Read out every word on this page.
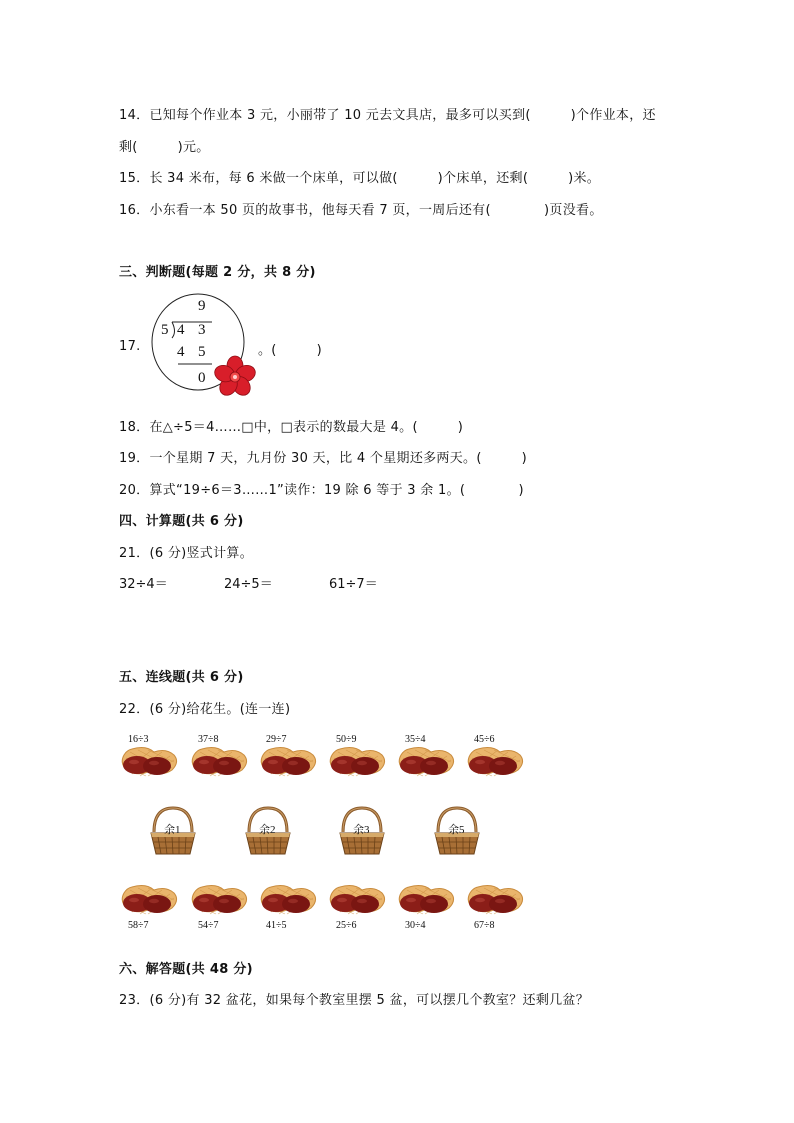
14．已知每个作业本 3 元，小丽带了 10 元去文具店，最多可以买到(　　　)个作业本，还
剩(　　　)元。
15．长 34 米布，每 6 米做一个床单，可以做(　　　)个床单，还剩(　　　)米。
16．小东看一本 50 页的故事书，他每天看 7 页，一周后还有(　　　　)页没看。
三、判断题(每题 2 分，共 8 分)
17.
9
5 4 3
4 5
0
。(　　　)
18．在△÷5＝4……□中，□表示的数最大是 4。(　　　)
19．一个星期 7 天，九月份 30 天，比 4 个星期还多两天。(　　　)
20．算式“19÷6＝3……1”读作：19 除 6 等于 3 余 1。(　　　　)
四、计算题(共 6 分)
21．(6 分)竖式计算。
32÷4＝	24÷5＝	61÷7＝
五、连线题(共 6 分)
22．(6 分)给花生。(连一连)
16÷3	37÷8	29÷7	50÷9	35÷4	45÷6
余1	余2	余3	余5
58÷7	54÷7	41÷5	25÷6	30÷4	67÷8
六、解答题(共 48 分)
23．(6 分)有 32 盆花，如果每个教室里摆 5 盆，可以摆几个教室？还剩几盆？
